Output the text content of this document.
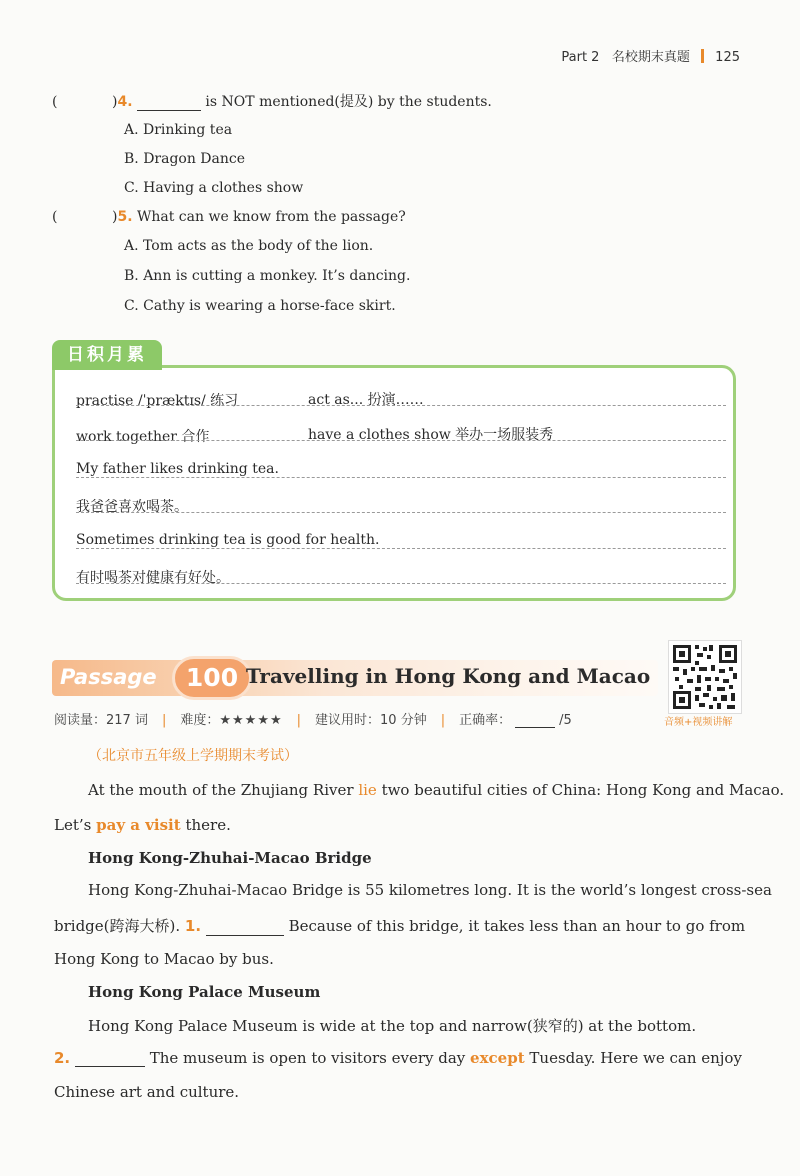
Part 2 名校期末真题 125
(	)4.	is NOT mentioned(提及) by the students.
A. Drinking tea
B. Dragon Dance
C. Having a clothes show
(	)5. What can we know from the passage?
A. Tom acts as the body of the lion.
B. Ann is cutting a monkey. It’s dancing.
C. Cathy is wearing a horse-face skirt.
日积月累
practise /ˈpræktɪs/ 练习	act as... 扮演……
work together 合作	have a clothes show 举办一场服装秀
My father likes drinking tea.
我爸爸喜欢喝茶。
Sometimes drinking tea is good for health.
有时喝茶对健康有好处。
Passage	100 Travelling in Hong Kong and Macao
音频+视频讲解
阅读量：217 词 | 难度：★★★★★ | 建议用时：10 分钟 | 正确率：	/5
（北京市五年级上学期期末考试）
At the mouth of the Zhujiang River lie two beautiful cities of China: Hong Kong and Macao.
Let’s pay a visit there.
Hong Kong-Zhuhai-Macao Bridge
Hong Kong-Zhuhai-Macao Bridge is 55 kilometres long. It is the world’s longest cross-sea
bridge(跨海大桥). 1.	Because of this bridge, it takes less than an hour to go from
Hong Kong to Macao by bus.
Hong Kong Palace Museum
Hong Kong Palace Museum is wide at the top and narrow(狭窄的) at the bottom.
2.	The museum is open to visitors every day except Tuesday. Here we can enjoy
Chinese art and culture.
